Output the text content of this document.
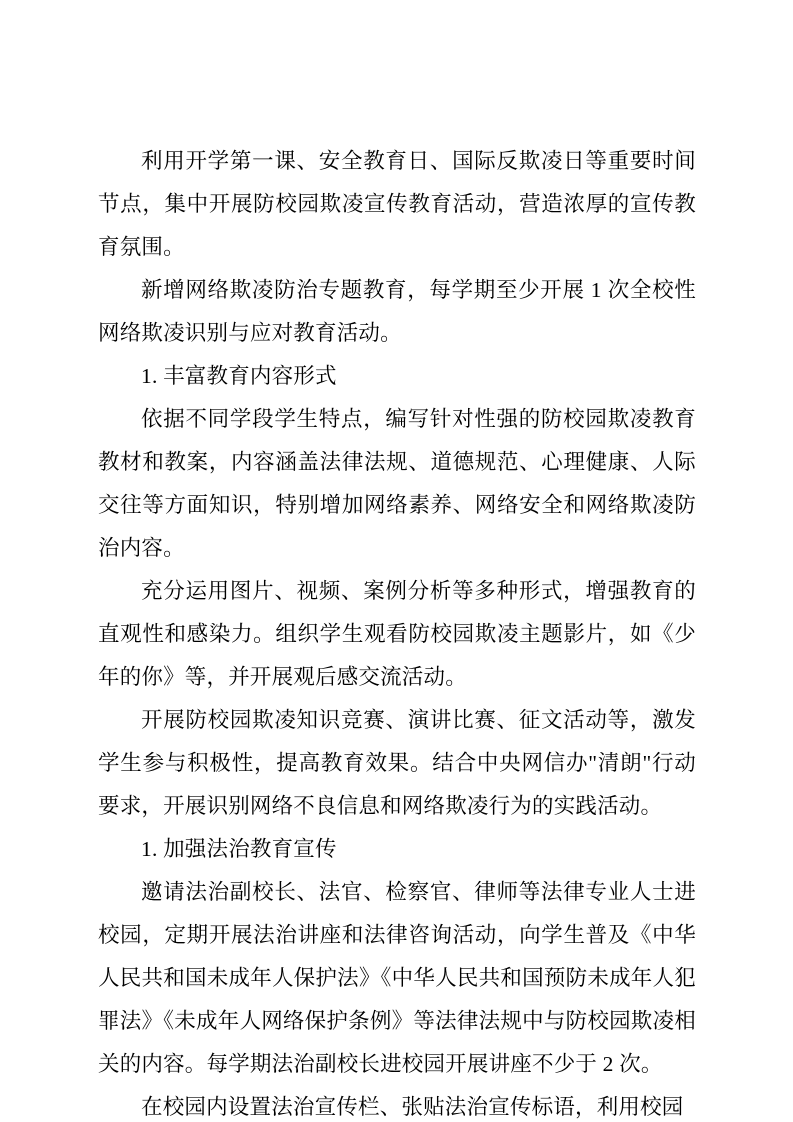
利用开学第一课、安全教育日、国际反欺凌日等重要时间节点，集中开展防校园欺凌宣传教育活动，营造浓厚的宣传教育氛围。

新增网络欺凌防治专题教育，每学期至少开展 1 次全校性网络欺凌识别与应对教育活动。

1. 丰富教育内容形式

依据不同学段学生特点，编写针对性强的防校园欺凌教育教材和教案，内容涵盖法律法规、道德规范、心理健康、人际交往等方面知识，特别增加网络素养、网络安全和网络欺凌防治内容。

充分运用图片、视频、案例分析等多种形式，增强教育的直观性和感染力。组织学生观看防校园欺凌主题影片，如《少年的你》等，并开展观后感交流活动。

开展防校园欺凌知识竞赛、演讲比赛、征文活动等，激发学生参与积极性，提高教育效果。结合中央网信办"清朗"行动要求，开展识别网络不良信息和网络欺凌行为的实践活动。

1. 加强法治教育宣传

邀请法治副校长、法官、检察官、律师等法律专业人士进校园，定期开展法治讲座和法律咨询活动，向学生普及《中华人民共和国未成年人保护法》《中华人民共和国预防未成年人犯罪法》《未成年人网络保护条例》等法律法规中与防校园欺凌相关的内容。每学期法治副校长进校园开展讲座不少于 2 次。

在校园内设置法治宣传栏、张贴法治宣传标语，利用校园
